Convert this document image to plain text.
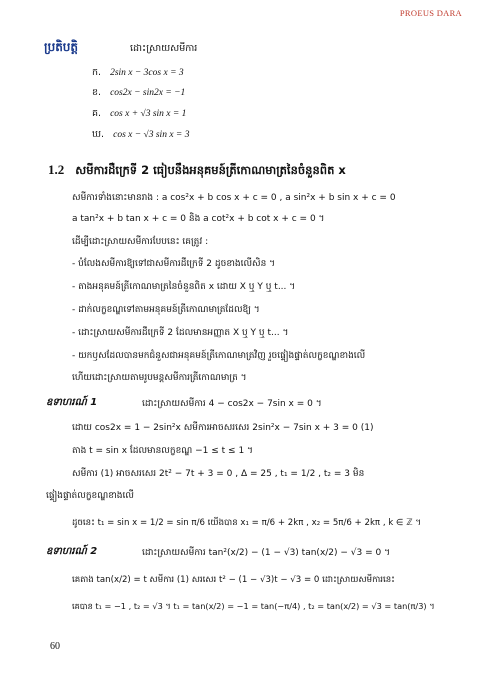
PROEUS DARA
ប្រតិបត្តិ	ដោះស្រាយសមីការ
ក. 2sin x − 3cos x = 3
ខ. cos2x − sin2x = −1
គ. cos x + √3 sin x = 1
ឃ. cos x − √3 sin x = 3
1.2 សមីការដឺក្រេទី 2 ធៀបនឹងអនុគមន៍ត្រីកោណមាត្រនៃចំនួនពិត x
សមីការទាំងនោះមានរាង : a cos²x + b cos x + c = 0 , a sin²x + b sin x + c = 0
a tan²x + b tan x + c = 0 និង a cot²x + b cot x + c = 0 ។
ដើម្បីដោះស្រាយសមីការបែបនេះ គេត្រូវ :
- បំលែងសមីការឱ្យទៅជាសមីការដឺក្រេទី 2 ដូចខាងលើសិន ។
- តាងអនុគមន៍ត្រីកោណមាត្រនៃចំនួនពិត x ដោយ X ឬ Y ឬ t... ។
- ដាក់លក្ខខណ្ឌទៅតាមអនុគមន៍ត្រីកោណមាត្រដែលឱ្យ ។
- ដោះស្រាយសមីការដឺក្រេទី 2 ដែលមានអញ្ញាត X ឬ Y ឬ t... ។
- យកឫសដែលបានមកជំនួសជាអនុគមន៍ត្រីកោណមាត្រវិញ រួចផ្ទៀងផ្ទាត់លក្ខខណ្ឌខាងលើ
ហើយដោះស្រាយតាមរូបមន្តសមីការត្រីកោណមាត្រ ។
ឧទាហរណ៍ 1	ដោះស្រាយសមីការ 4 − cos2x − 7sin x = 0 ។
ដោយ cos2x = 1 − 2sin²x សមីការអាចសរសេរ 2sin²x − 7sin x + 3 = 0 (1)
តាង t = sin x ដែលមានលក្ខខណ្ឌ −1 ≤ t ≤ 1 ។
សមីការ (1) អាចសរសេរ 2t² − 7t + 3 = 0 , Δ = 25 , t₁ = 1/2 , t₂ = 3 មិន
ផ្ទៀងផ្ទាត់លក្ខខណ្ឌខាងលើ
ដូចនេះ t₁ = sin x = 1/2 = sin π/6 យើងបាន x₁ = π/6 + 2kπ , x₂ = 5π/6 + 2kπ , k ∈ ℤ ។
ឧទាហរណ៍ 2	ដោះស្រាយសមីការ tan²(x/2) − (1 − √3) tan(x/2) − √3 = 0 ។
គេតាង tan(x/2) = t សមីការ (1) សរសេរ t² − (1 − √3)t − √3 = 0 ដោះស្រាយសមីការនេះ
គេបាន t₁ = −1 , t₂ = √3 ។ t₁ = tan(x/2) = −1 = tan(−π/4) , t₂ = tan(x/2) = √3 = tan(π/3) ។
60
